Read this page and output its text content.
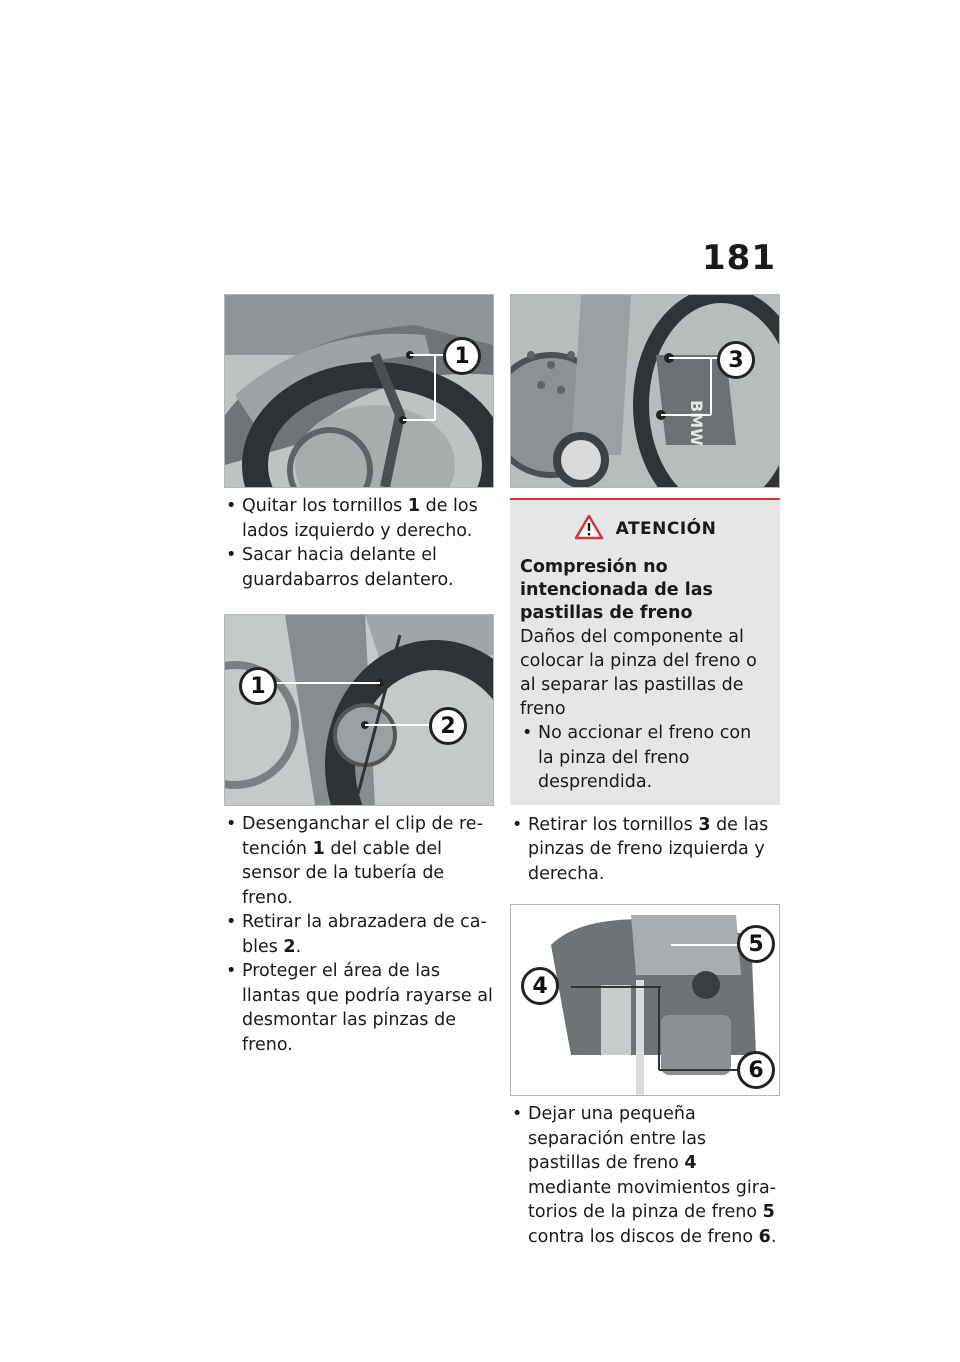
181
1
• Quitar los tornillos 1 de los lados izquierdo y derecho.
• Sacar hacia delante el guardabarros delantero.
1
2
• Desenganchar el clip de retención 1 del cable del sensor de la tubería de freno.
• Retirar la abrazadera de cables 2.
• Proteger el área de las llantas que podría rayarse al desmontar las pinzas de freno.
BMW
3
ATENCIÓN
Compresión no intencionada de las pastillas de freno
Daños del componente al colocar la pinza del freno o al separar las pastillas de freno
• No accionar el freno con la pinza del freno desprendida.
• Retirar los tornillos 3 de las pinzas de freno izquierda y derecha.
5
4
6
• Dejar una pequeña separación entre las pastillas de freno 4 mediante movimientos giratorios de la pinza de freno 5 contra los discos de freno 6.
